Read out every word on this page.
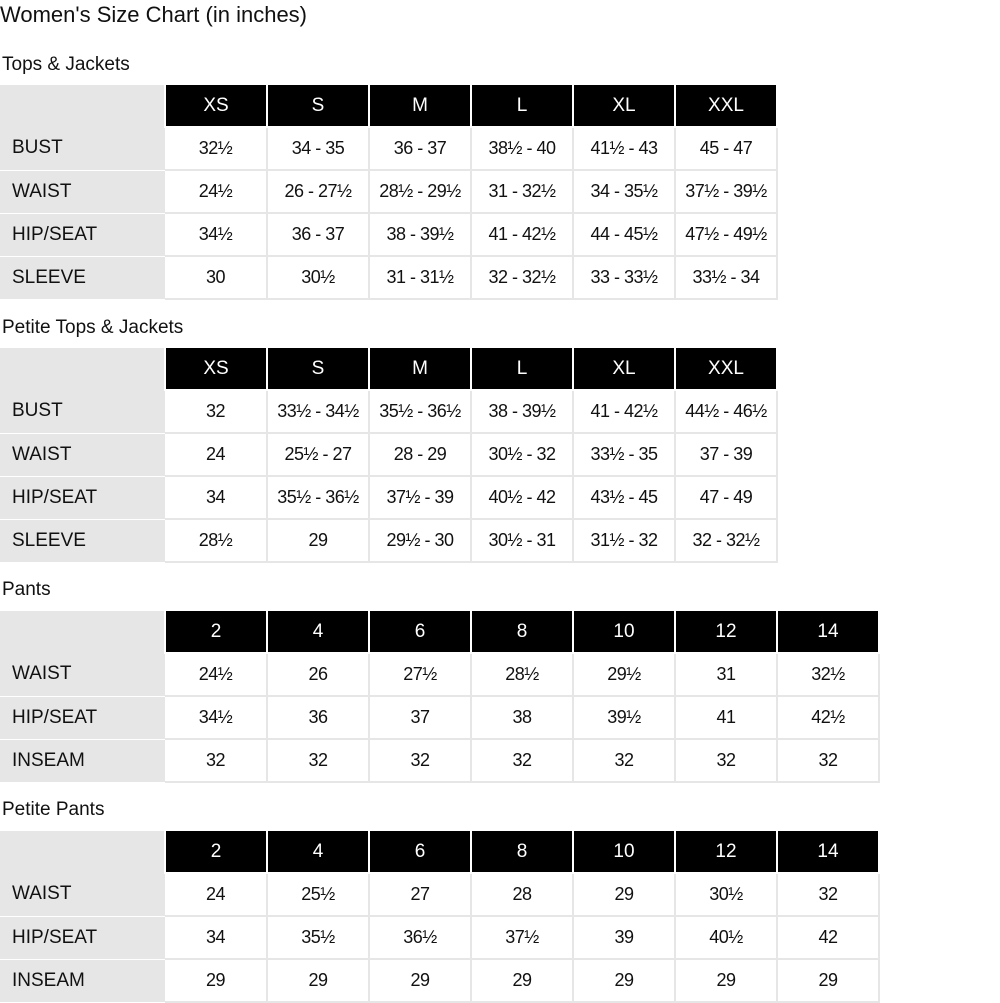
Women's Size Chart (in inches)
Tops & Jackets
	XS	S	M	L	XL	XXL
BUST	32½	34 - 35	36 - 37	38½ - 40	41½ - 43	45 - 47
WAIST	24½	26 - 27½	28½ - 29½	31 - 32½	34 - 35½	37½ - 39½
HIP/SEAT	34½	36 - 37	38 - 39½	41 - 42½	44 - 45½	47½ - 49½
SLEEVE	30	30½	31 - 31½	32 - 32½	33 - 33½	33½ - 34
Petite Tops & Jackets
	XS	S	M	L	XL	XXL
BUST	32	33½ - 34½	35½ - 36½	38 - 39½	41 - 42½	44½ - 46½
WAIST	24	25½ - 27	28 - 29	30½ - 32	33½ - 35	37 - 39
HIP/SEAT	34	35½ - 36½	37½ - 39	40½ - 42	43½ - 45	47 - 49
SLEEVE	28½	29	29½ - 30	30½ - 31	31½ - 32	32 - 32½
Pants
	2	4	6	8	10	12	14
WAIST	24½	26	27½	28½	29½	31	32½
HIP/SEAT	34½	36	37	38	39½	41	42½
INSEAM	32	32	32	32	32	32	32
Petite Pants
	2	4	6	8	10	12	14
WAIST	24	25½	27	28	29	30½	32
HIP/SEAT	34	35½	36½	37½	39	40½	42
INSEAM	29	29	29	29	29	29	29
